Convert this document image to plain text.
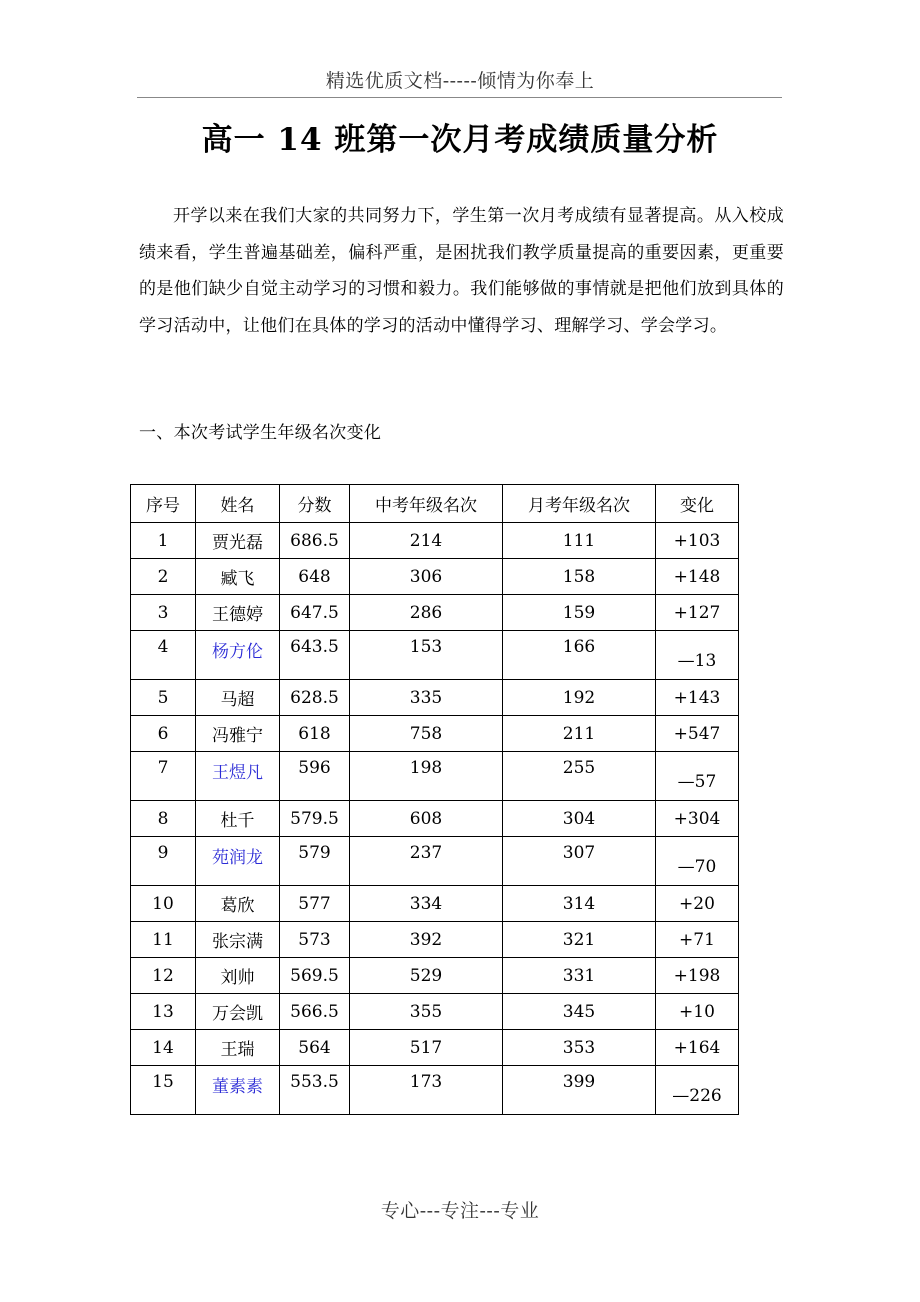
精选优质文档-----倾情为你奉上
高一 14 班第一次月考成绩质量分析

开学以来在我们大家的共同努力下，学生第一次月考成绩有显著提高。从入校成绩来看，学生普遍基础差，偏科严重，是困扰我们教学质量提高的重要因素，更重要的是他们缺少自觉主动学习的习惯和毅力。我们能够做的事情就是把他们放到具体的学习活动中，让他们在具体的学习的活动中懂得学习、理解学习、学会学习。

一、本次考试学生年级名次变化
序号	姓名	分数	中考年级名次	月考年级名次	变化
1	贾光磊	686.5	214	111	+103
2	臧飞	648	306	158	+148
3	王德婷	647.5	286	159	+127
4	杨方伦	643.5	153	166	—13
5	马超	628.5	335	192	+143
6	冯雅宁	618	758	211	+547
7	王煜凡	596	198	255	—57
8	杜千	579.5	608	304	+304
9	苑润龙	579	237	307	—70
10	葛欣	577	334	314	+20
11	张宗满	573	392	321	+71
12	刘帅	569.5	529	331	+198
13	万会凯	566.5	355	345	+10
14	王瑞	564	517	353	+164
15	董素素	553.5	173	399	—226
专心---专注---专业
